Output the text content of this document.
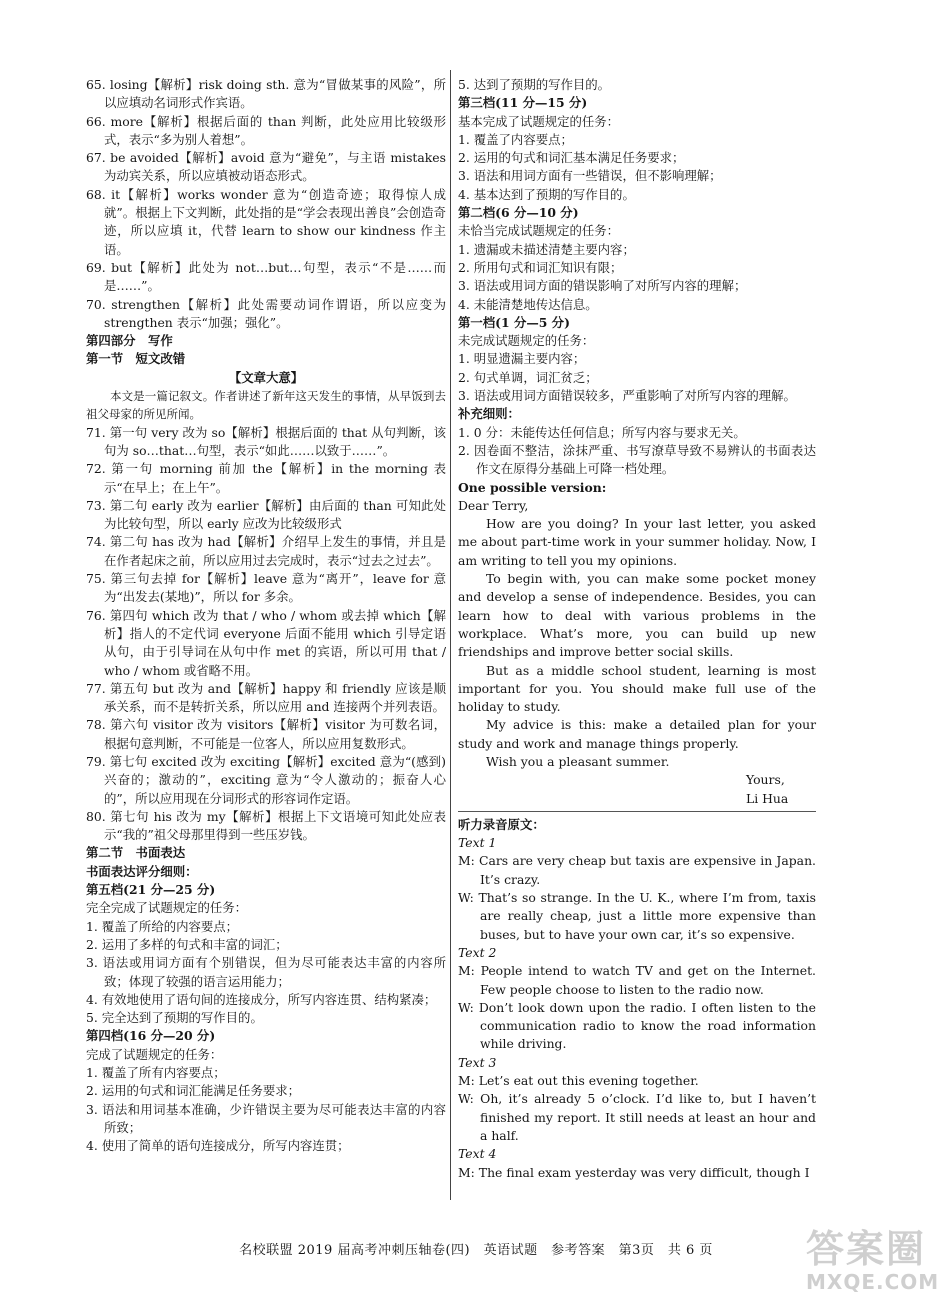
65. losing【解析】risk doing sth. 意为“冒做某事的风险”，所以应填动名词形式作宾语。

66. more【解析】根据后面的 than 判断，此处应用比较级形式，表示“多为别人着想”。

67. be avoided【解析】avoid 意为“避免”，与主语 mistakes 为动宾关系，所以应填被动语态形式。

68. it【解析】works wonder 意为“创造奇迹；取得惊人成就”。根据上下文判断，此处指的是“学会表现出善良”会创造奇迹，所以应填 it，代替 learn to show our kindness 作主语。

69. but【解析】此处为 not…but…句型，表示“不是……而是……”。

70. strengthen【解析】此处需要动词作谓语，所以应变为 strengthen 表示“加强；强化”。

第四部分　写作

第一节　短文改错

【文章大意】

本文是一篇记叙文。作者讲述了新年这天发生的事情，从早饭到去祖父母家的所见所闻。

71. 第一句 very 改为 so【解析】根据后面的 that 从句判断，该句为 so…that…句型，表示“如此……以致于……”。

72. 第一句 morning 前加 the【解析】in the morning 表示“在早上；在上午”。

73. 第二句 early 改为 earlier【解析】由后面的 than 可知此处为比较句型，所以 early 应改为比较级形式

74. 第二句 has 改为 had【解析】介绍早上发生的事情，并且是在作者起床之前，所以应用过去完成时，表示“过去之过去”。

75. 第三句去掉 for【解析】leave 意为“离开”，leave for 意为“出发去(某地)”，所以 for 多余。

76. 第四句 which 改为 that / who / whom 或去掉 which【解析】指人的不定代词 everyone 后面不能用 which 引导定语从句，由于引导词在从句中作 met 的宾语，所以可用 that / who / whom 或省略不用。

77. 第五句 but 改为 and【解析】happy 和 friendly 应该是顺承关系，而不是转折关系，所以应用 and 连接两个并列表语。

78. 第六句 visitor 改为 visitors【解析】visitor 为可数名词，根据句意判断，不可能是一位客人，所以应用复数形式。

79. 第七句 excited 改为 exciting【解析】excited 意为“(感到)兴奋的；激动的”，exciting 意为“令人激动的；振奋人心的”，所以应用现在分词形式的形容词作定语。

80. 第七句 his 改为 my【解析】根据上下文语境可知此处应表示“我的”祖父母那里得到一些压岁钱。

第二节　书面表达

书面表达评分细则：

第五档(21 分—25 分)

完全完成了试题规定的任务：

1. 覆盖了所给的内容要点；

2. 运用了多样的句式和丰富的词汇；

3. 语法或用词方面有个别错误，但为尽可能表达丰富的内容所致；体现了较强的语言运用能力；

4. 有效地使用了语句间的连接成分，所写内容连贯、结构紧凑；

5. 完全达到了预期的写作目的。

第四档(16 分—20 分)

完成了试题规定的任务：

1. 覆盖了所有内容要点；

2. 运用的句式和词汇能满足任务要求；

3. 语法和用词基本准确，少许错误主要为尽可能表达丰富的内容所致；

4. 使用了简单的语句连接成分，所写内容连贯；

5. 达到了预期的写作目的。

第三档(11 分—15 分)

基本完成了试题规定的任务：

1. 覆盖了内容要点；

2. 运用的句式和词汇基本满足任务要求；

3. 语法和用词方面有一些错误，但不影响理解；

4. 基本达到了预期的写作目的。

第二档(6 分—10 分)

未恰当完成试题规定的任务：

1. 遗漏或未描述清楚主要内容；

2. 所用句式和词汇知识有限；

3. 语法或用词方面的错误影响了对所写内容的理解；

4. 未能清楚地传达信息。

第一档(1 分—5 分)

未完成试题规定的任务：

1. 明显遗漏主要内容；

2. 句式单调，词汇贫乏；

3. 语法或用词方面错误较多，严重影响了对所写内容的理解。

补充细则：

1. 0 分：未能传达任何信息；所写内容与要求无关。

2. 因卷面不整洁，涂抹严重、书写潦草导致不易辨认的书面表达作文在原得分基础上可降一档处理。

One possible version:

Dear Terry,

How are you doing? In your last letter, you asked me about part-time work in your summer holiday. Now, I am writing to tell you my opinions.

To begin with, you can make some pocket money and develop a sense of independence. Besides, you can learn how to deal with various problems in the workplace. What’s more, you can build up new friendships and improve better social skills.

But as a middle school student, learning is most important for you. You should make full use of the holiday to study.

My advice is this: make a detailed plan for your study and work and manage things properly.

Wish you a pleasant summer.

Yours,

Li Hua

听力录音原文：

Text 1

M: Cars are very cheap but taxis are expensive in Japan. It’s crazy.

W: That’s so strange. In the U. K., where I’m from, taxis are really cheap, just a little more expensive than buses, but to have your own car, it’s so expensive.

Text 2

M: People intend to watch TV and get on the Internet. Few people choose to listen to the radio now.

W: Don’t look down upon the radio. I often listen to the communication radio to know the road information while driving.

Text 3

M: Let’s eat out this evening together.

W: Oh, it’s already 5 o’clock. I’d like to, but I haven’t finished my report. It still needs at least an hour and a half.

Text 4

M: The final exam yesterday was very difficult, though I

名校联盟 2019 届高考冲刺压轴卷(四)　英语试题　参考答案　第3页　共 6 页	答案圈
MXQE.COM
